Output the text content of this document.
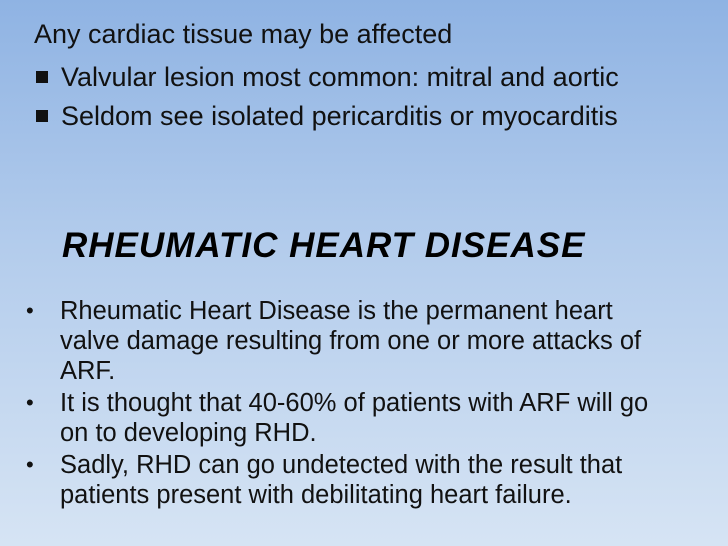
Any cardiac tissue may be affected
Valvular lesion most common: mitral and aortic
Seldom see isolated pericarditis or myocarditis
RHEUMATIC HEART DISEASE
• Rheumatic Heart Disease is the permanent heart valve damage resulting from one or more attacks of ARF.
• It is thought that 40-60% of patients with ARF will go on to developing RHD.
• Sadly, RHD can go undetected with the result that patients present with debilitating heart failure.
